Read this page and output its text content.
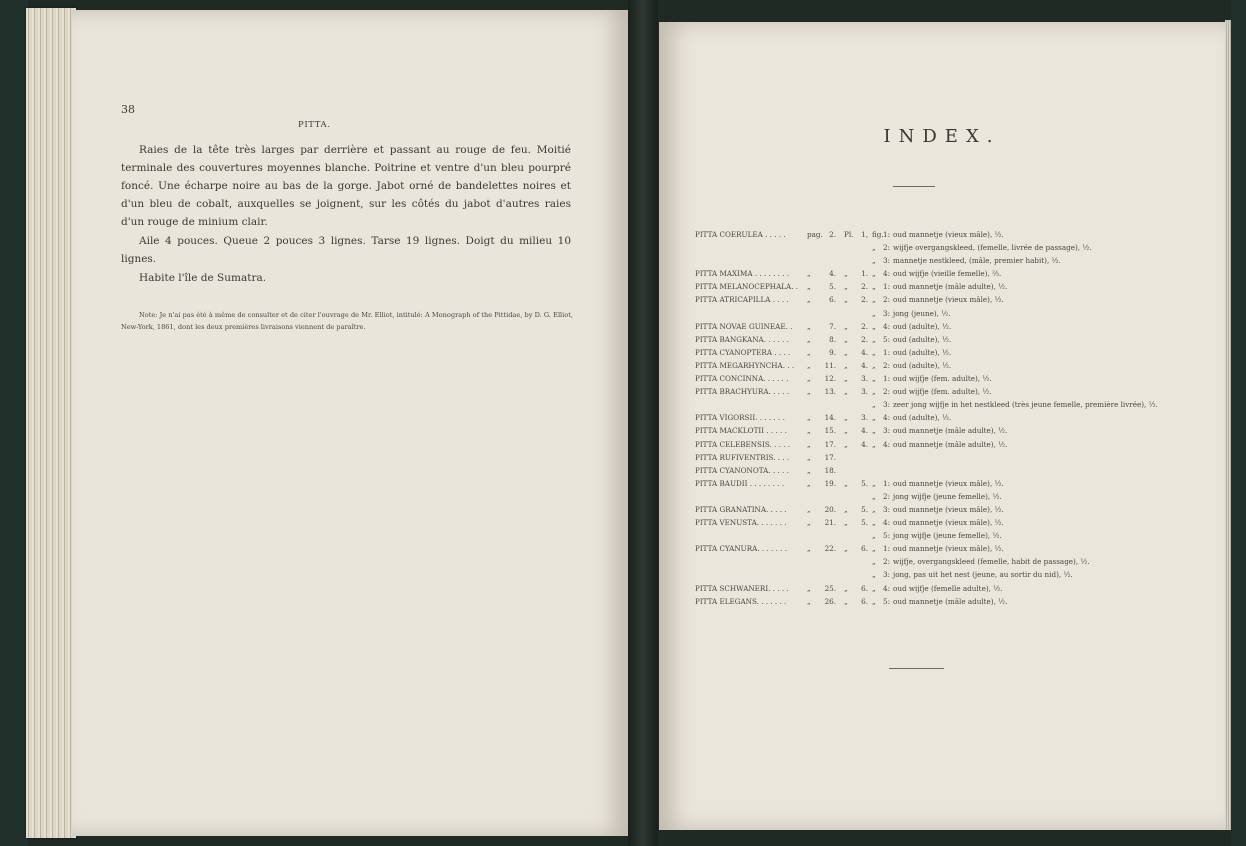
38
PITTA.

Raies de la tête très larges par derrière et passant au rouge de feu. Moitié terminale des couvertures moyennes blanche. Poitrine et ventre d'un bleu pourpré foncé. Une écharpe noire au bas de la gorge. Jabot orné de bandelettes noires et d'un bleu de cobalt, auxquelles se joignent, sur les côtés du jabot d'autres raies d'un rouge de minium clair.

Aile 4 pouces. Queue 2 pouces 3 lignes. Tarse 19 lignes. Doigt du milieu 10 lignes.

Habite l'île de Sumatra.

Note: Je n'ai pas été à même de consulter et de citer l'ouvrage de Mr. Elliot, intitulé: A Monograph of the Pittidae, by D. G. Elliot, New-York, 1861, dont les deux premières livraisons viennent de paraître.

INDEX.
PITTA COERULEA . . . . .	pag. 2. Pl.	1, fig. 1: oud mannetje (vieux mâle), ½.
„ 2: wijfje overgangskleed, (femelle, livrée de passage), ½.
„ 3: mannetje nestkleed, (mâle, premier habit), ½.
PITTA MAXIMA . . . . . . . . „	4. „	1. „ 4: oud wijfje (vieille femelle), ⅔.
PITTA MELANOCEPHALA. . „	5. „	2. „ 1: oud mannetje (mâle adulte), ½.
PITTA ATRICAPILLA . . . .	„	6. „	2. „ 2: oud mannetje (vieux mâle), ½.
„ 3: jong (jeune), ½.
PITTA NOVAE GUINEAE. . „	7. „	2. „ 4: oud (adulte), ½.
PITTA BANGKANA. . . . . .	„	8. „	2. „ 5: oud (adulte), ½.
PITTA CYANOPTERA . . . . „	9. „	4. „ 1: oud (adulte), ½.
PITTA MEGARHYNCHA. . . „	11. „	4. „ 2: oud (adulte), ½.
PITTA CONCINNA. . . . . .	„	12. „	3. „ 1: oud wijfje (fem. adulte), ½.
PITTA BRACHYURA. . . . . „	13. „	3. „ 2: oud wijfje (fem. adulte), ½.
„ 3: zeer jong wijfje in het nestkleed (très jeune femelle, première livrée), ½.
PITTA VIGORSII. . . . . . .	„	14. „	3. „ 4: oud (adulte), ½.
PITTA MACKLOTII . . . . .	„	15. „	4. „ 3: oud mannetje (mâle adulte), ½.
PITTA CELEBENSIS. . . . . „	17. „	4. „ 4: oud mannetje (mâle adulte), ½.
PITTA RUFIVENTRIS. . . . „	17.
PITTA CYANONOTA. . . . .	„	18.
PITTA BAUDII . . . . . . . .	„	19. „	5. „ 1: oud mannetje (vieux mâle), ½.
„ 2: jong wijfje (jeune femelle), ½.
PITTA GRANATINA. . . . .	„	20. „	5. „ 3: oud mannetje (vieux mâle), ½.
PITTA VENUSTA. . . . . . .	„	21. „	5. „ 4: oud mannetje (vieux mâle), ½.
„ 5: jong wijfje (jeune femelle), ½.
PITTA CYANURA. . . . . . .	„	22. „	6. „ 1: oud mannetje (vieux mâle), ½.
„ 2: wijfje, overgangskleed (femelle, habit de passage), ½.
„ 3: jong, pas uit het nest (jeune, au sortir du nid), ½.
PITTA SCHWANERI. . . . .	„	25. „	6. „ 4: oud wijfje (femelle adulte), ½.
PITTA ELEGANS. . . . . . .	„	26. „	6. „ 5: oud mannetje (mâle adulte), ½.
